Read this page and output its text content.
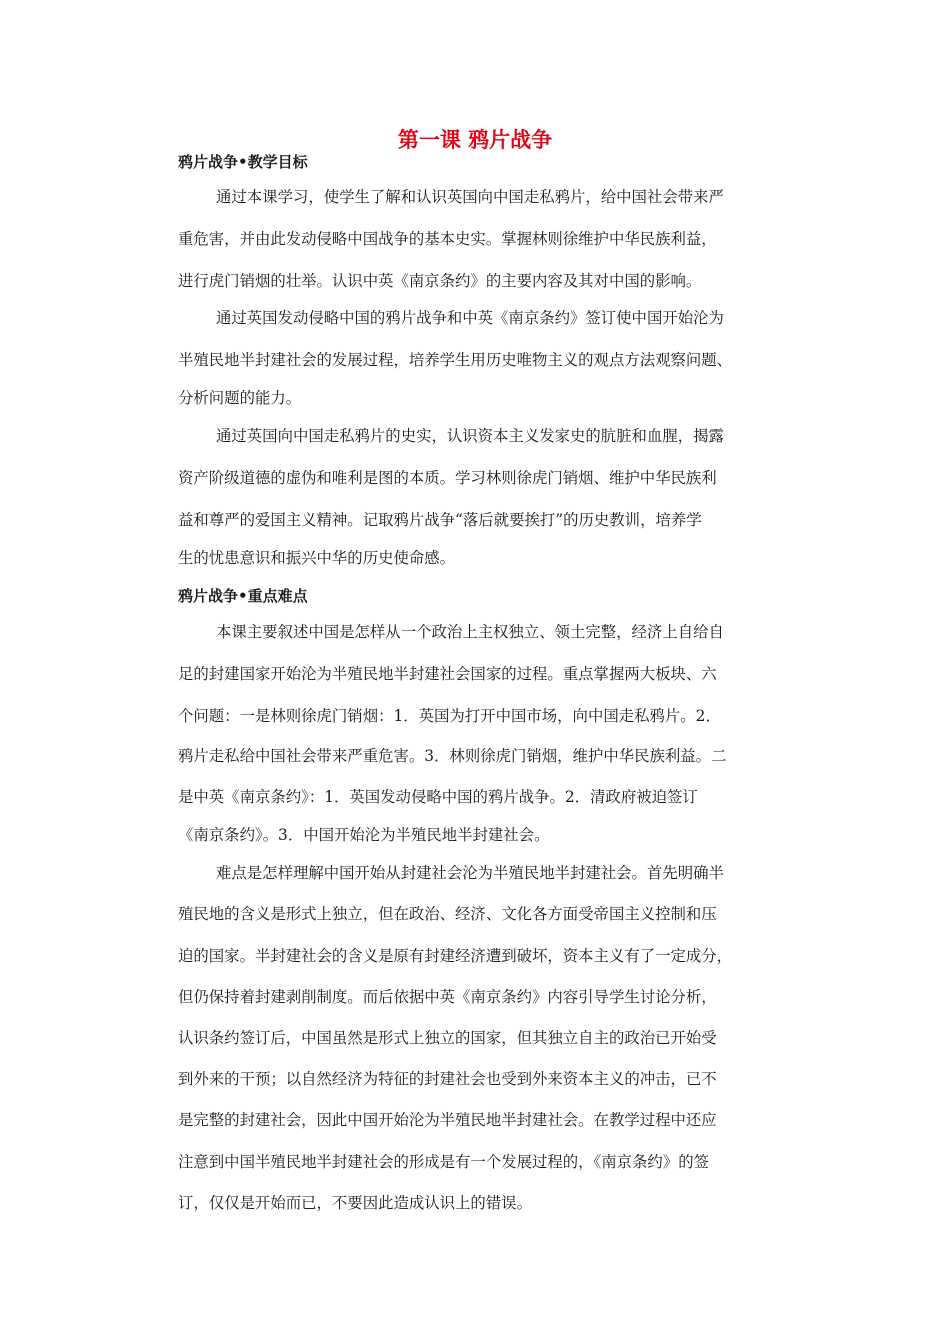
第一课 鸦片战争
鸦片战争•教学目标

通过本课学习，使学生了解和认识英国向中国走私鸦片，给中国社会带来严

重危害，并由此发动侵略中国战争的基本史实。掌握林则徐维护中华民族利益，

进行虎门销烟的壮举。认识中英《南京条约》的主要内容及其对中国的影响。

通过英国发动侵略中国的鸦片战争和中英《南京条约》签订使中国开始沦为

半殖民地半封建社会的发展过程，培养学生用历史唯物主义的观点方法观察问题、

分析问题的能力。

通过英国向中国走私鸦片的史实，认识资本主义发家史的肮脏和血腥，揭露

资产阶级道德的虚伪和唯利是图的本质。学习林则徐虎门销烟、维护中华民族利

益和尊严的爱国主义精神。记取鸦片战争“落后就要挨打”的历史教训，培养学

生的忧患意识和振兴中华的历史使命感。

鸦片战争•重点难点

本课主要叙述中国是怎样从一个政治上主权独立、领土完整，经济上自给自

足的封建国家开始沦为半殖民地半封建社会国家的过程。重点掌握两大板块、六

个问题：一是林则徐虎门销烟：1．英国为打开中国市场，向中国走私鸦片。2．

鸦片走私给中国社会带来严重危害。3．林则徐虎门销烟，维护中华民族利益。二

是中英《南京条约》：1．英国发动侵略中国的鸦片战争。2．清政府被迫签订

《南京条约》。3．中国开始沦为半殖民地半封建社会。

难点是怎样理解中国开始从封建社会沦为半殖民地半封建社会。首先明确半

殖民地的含义是形式上独立，但在政治、经济、文化各方面受帝国主义控制和压

迫的国家。半封建社会的含义是原有封建经济遭到破坏，资本主义有了一定成分，

但仍保持着封建剥削制度。而后依据中英《南京条约》内容引导学生讨论分析，

认识条约签订后，中国虽然是形式上独立的国家，但其独立自主的政治已开始受

到外来的干预；以自然经济为特征的封建社会也受到外来资本主义的冲击，已不

是完整的封建社会，因此中国开始沦为半殖民地半封建社会。在教学过程中还应

注意到中国半殖民地半封建社会的形成是有一个发展过程的，《南京条约》的签

订，仅仅是开始而已，不要因此造成认识上的错误。
